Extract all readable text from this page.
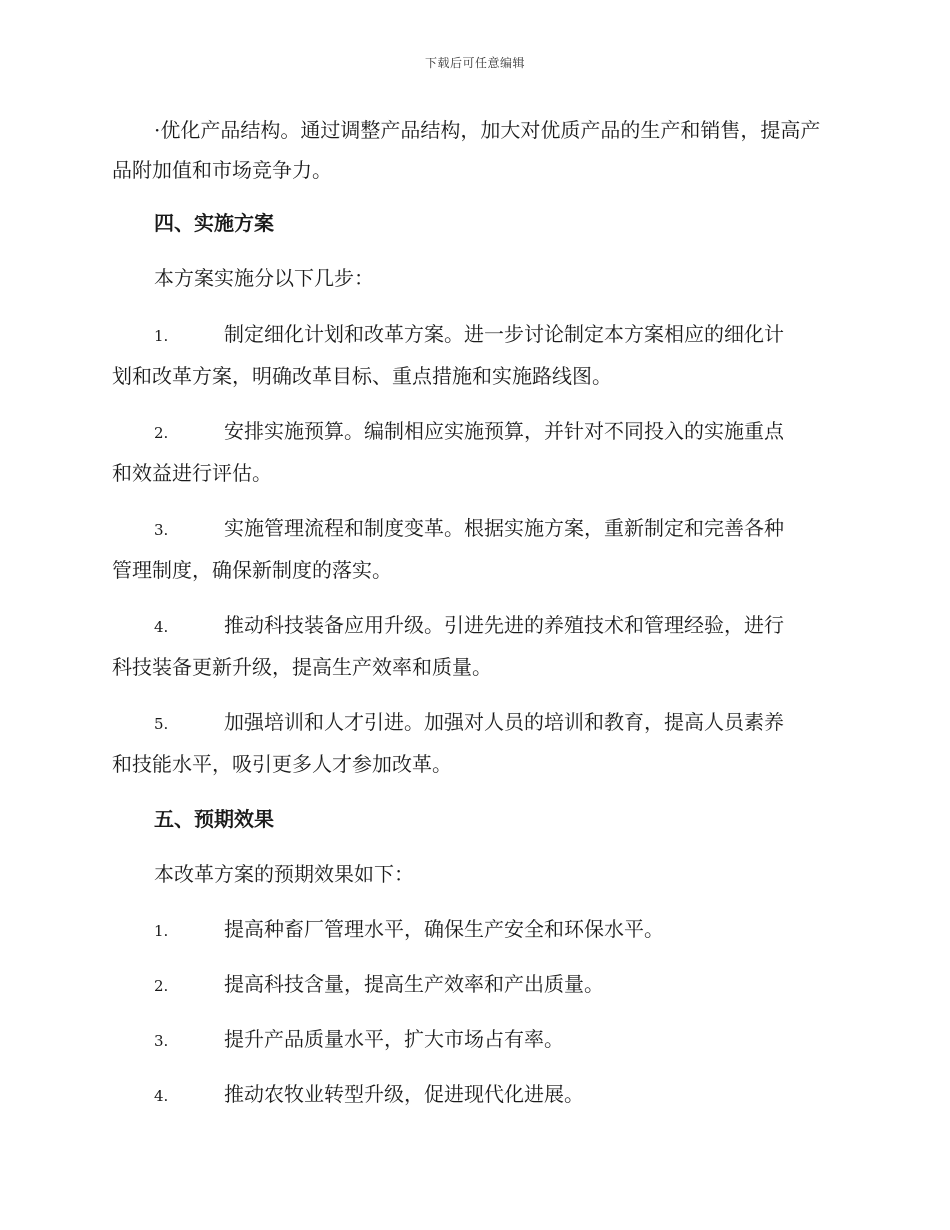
下载后可任意编辑
·优化产品结构。通过调整产品结构，加大对优质产品的生产和销售，提高产品附加值和市场竞争力。
四、实施方案
本方案实施分以下几步：
1.	制定细化计划和改革方案。进一步讨论制定本方案相应的细化计
划和改革方案，明确改革目标、重点措施和实施路线图。
2.	安排实施预算。编制相应实施预算，并针对不同投入的实施重点
和效益进行评估。
3.	实施管理流程和制度变革。根据实施方案，重新制定和完善各种
管理制度，确保新制度的落实。
4.	推动科技装备应用升级。引进先进的养殖技术和管理经验，进行
科技装备更新升级，提高生产效率和质量。
5.	加强培训和人才引进。加强对人员的培训和教育，提高人员素养
和技能水平，吸引更多人才参加改革。
五、预期效果
本改革方案的预期效果如下：
1.	提高种畜厂管理水平，确保生产安全和环保水平。
2.	提高科技含量，提高生产效率和产出质量。
3.	提升产品质量水平，扩大市场占有率。
4.	推动农牧业转型升级，促进现代化进展。
